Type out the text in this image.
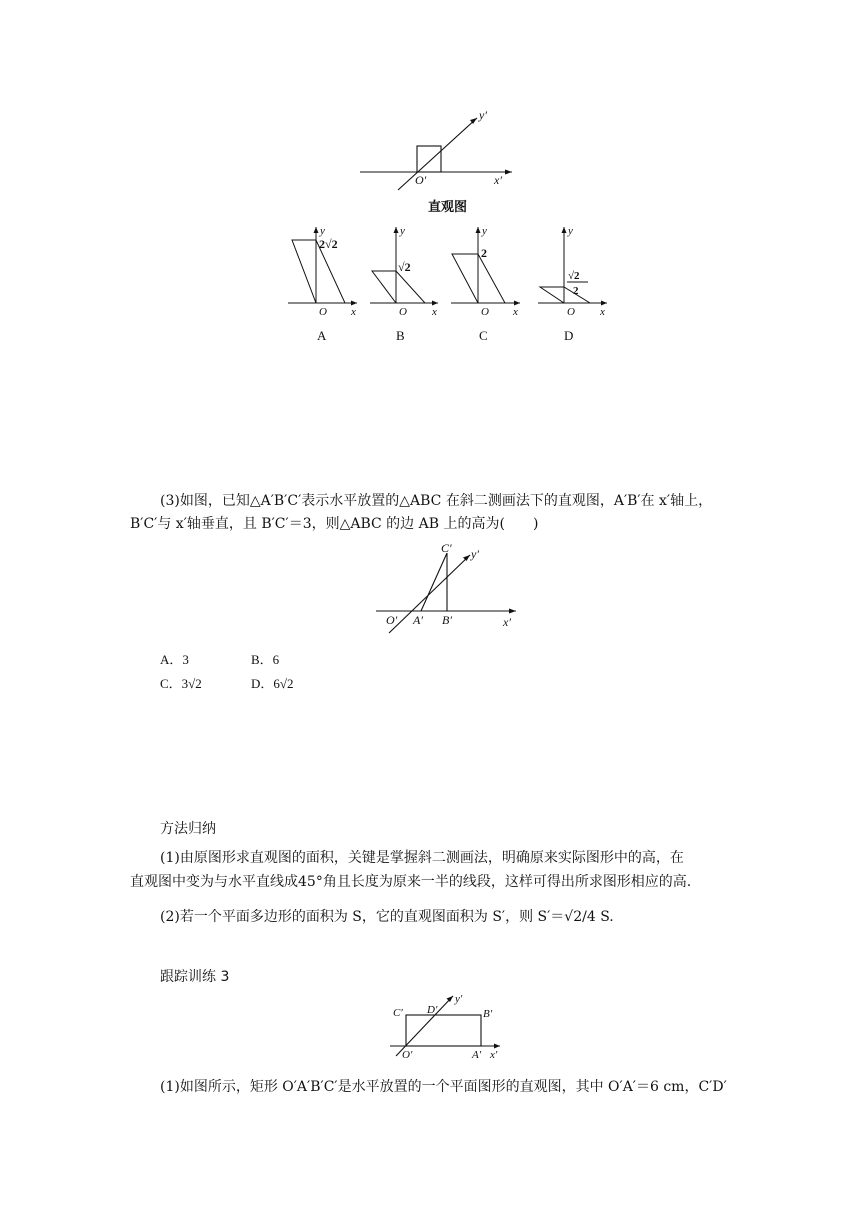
y′
x′
O′
直观图
y
O x
2√2
A
y
O x
√2
B
y
O x
2
C
y
O x
√2
2
D
(3)如图，已知△A′B′C′表示水平放置的△ABC 在斜二测画法下的直观图，A′B′在 x′轴上，
B′C′与 x′轴垂直，且 B′C′＝3，则△ABC 的边 AB 上的高为(　　)
C′ y′
O′ A′ B′	x′
A．3	B．6
C．3√2	D．6√2
方法归纳
(1)由原图形求直观图的面积，关键是掌握斜二测画法，明确原来实际图形中的高，在
直观图中变为与水平直线成45°角且长度为原来一半的线段，这样可得出所求图形相应的高.
(2)若一个平面多边形的面积为 S，它的直观图面积为 S′，则 S′＝√2/4 S.
跟踪训练 3
C′ D′
y′
B′
O′	A′ x′
(1)如图所示，矩形 O′A′B′C′是水平放置的一个平面图形的直观图，其中 O′A′＝6 cm，C′D′
